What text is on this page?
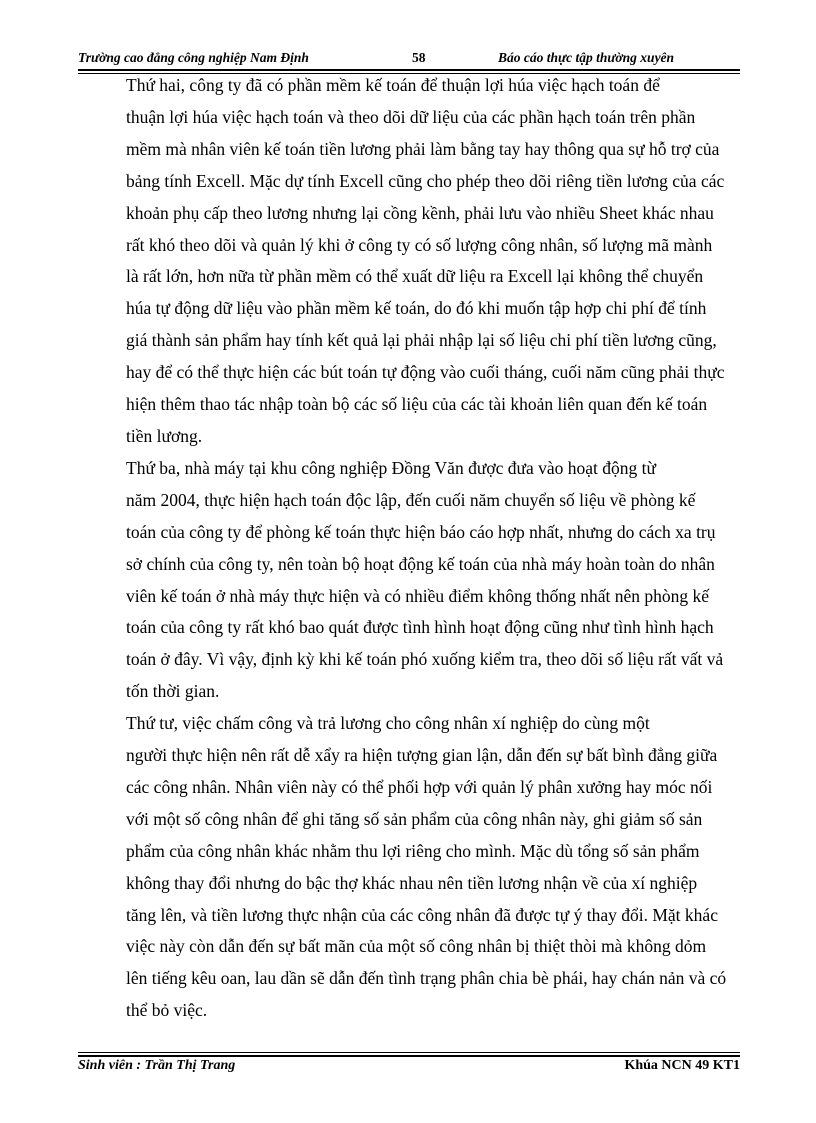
Trường cao đẳng công nghiệp Nam Định	58	Báo cáo thực tập thường xuyên

Thứ hai, công ty đã có phần mềm kế toán để thuận lợi húa việc hạch toán để
thuận lợi húa việc hạch toán và theo dõi dữ liệu của các phần hạch toán trên phần
mềm mà nhân viên kế toán tiền lương phải làm bằng tay hay thông qua sự hỗ trợ của
bảng tính Excell. Mặc dự tính Excell cũng cho phép theo dõi riêng tiền lương của các
khoản phụ cấp theo lương nhưng lại cồng kềnh, phải lưu vào nhiều Sheet khác nhau
rất khó theo dõi và quản lý khi ở công ty có số lượng công nhân, số lượng mã mành
là rất lớn, hơn nữa từ phần mềm có thể xuất dữ liệu ra Excell lại không thể chuyển
húa tự động dữ liệu vào phần mềm kế toán, do đó khi muốn tập hợp chi phí để tính
giá thành sản phẩm hay tính kết quả lại phải nhập lại số liệu chi phí tiền lương cũng,
hay để có thể thực hiện các bút toán tự động vào cuối tháng, cuối năm cũng phải thực
hiện thêm thao tác nhập toàn bộ các số liệu của các tài khoản liên quan đến kế toán
tiền lương.

Thứ ba, nhà máy tại khu công nghiệp Đồng Văn được đưa vào hoạt động từ
năm 2004, thực hiện hạch toán độc lập, đến cuối năm chuyển số liệu về phòng kế
toán của công ty để phòng kế toán thực hiện báo cáo hợp nhất, nhưng do cách xa trụ
sở chính của công ty, nên toàn bộ hoạt động kế toán của nhà máy hoàn toàn do nhân
viên kế toán ở nhà máy thực hiện và có nhiều điểm không thống nhất nên phòng kế
toán của công ty rất khó bao quát được tình hình hoạt động cũng như tình hình hạch
toán ở đây. Vì vậy, định kỳ khi kế toán phó xuống kiểm tra, theo dõi số liệu rất vất vả
tốn thời gian.

Thứ tư, việc chấm công và trả lương cho công nhân xí nghiệp do cùng một
người thực hiện nên rất dễ xẩy ra hiện tượng gian lận, dẫn đến sự bất bình đẳng giữa
các công nhân. Nhân viên này có thể phối hợp với quản lý phân xưởng hay móc nối
với một số công nhân để ghi tăng số sản phẩm của công nhân này, ghi giảm số sản
phẩm của công nhân khác nhằm thu lợi riêng cho mình. Mặc dù tổng số sản phẩm
không thay đổi nhưng do bậc thợ khác nhau nên tiền lương nhận về của xí nghiệp
tăng lên, và tiền lương thực nhận của các công nhân đã được tự ý thay đổi. Mặt khác
việc này còn dẫn đến sự bất mãn của một số công nhân bị thiệt thòi mà không dỏm
lên tiếng kêu oan, lau dần sẽ dẫn đến tình trạng phân chia bè phái, hay chán nản và có
thể bỏ việc.

Sinh viên : Trần Thị Trang	Khúa NCN 49 KT1
